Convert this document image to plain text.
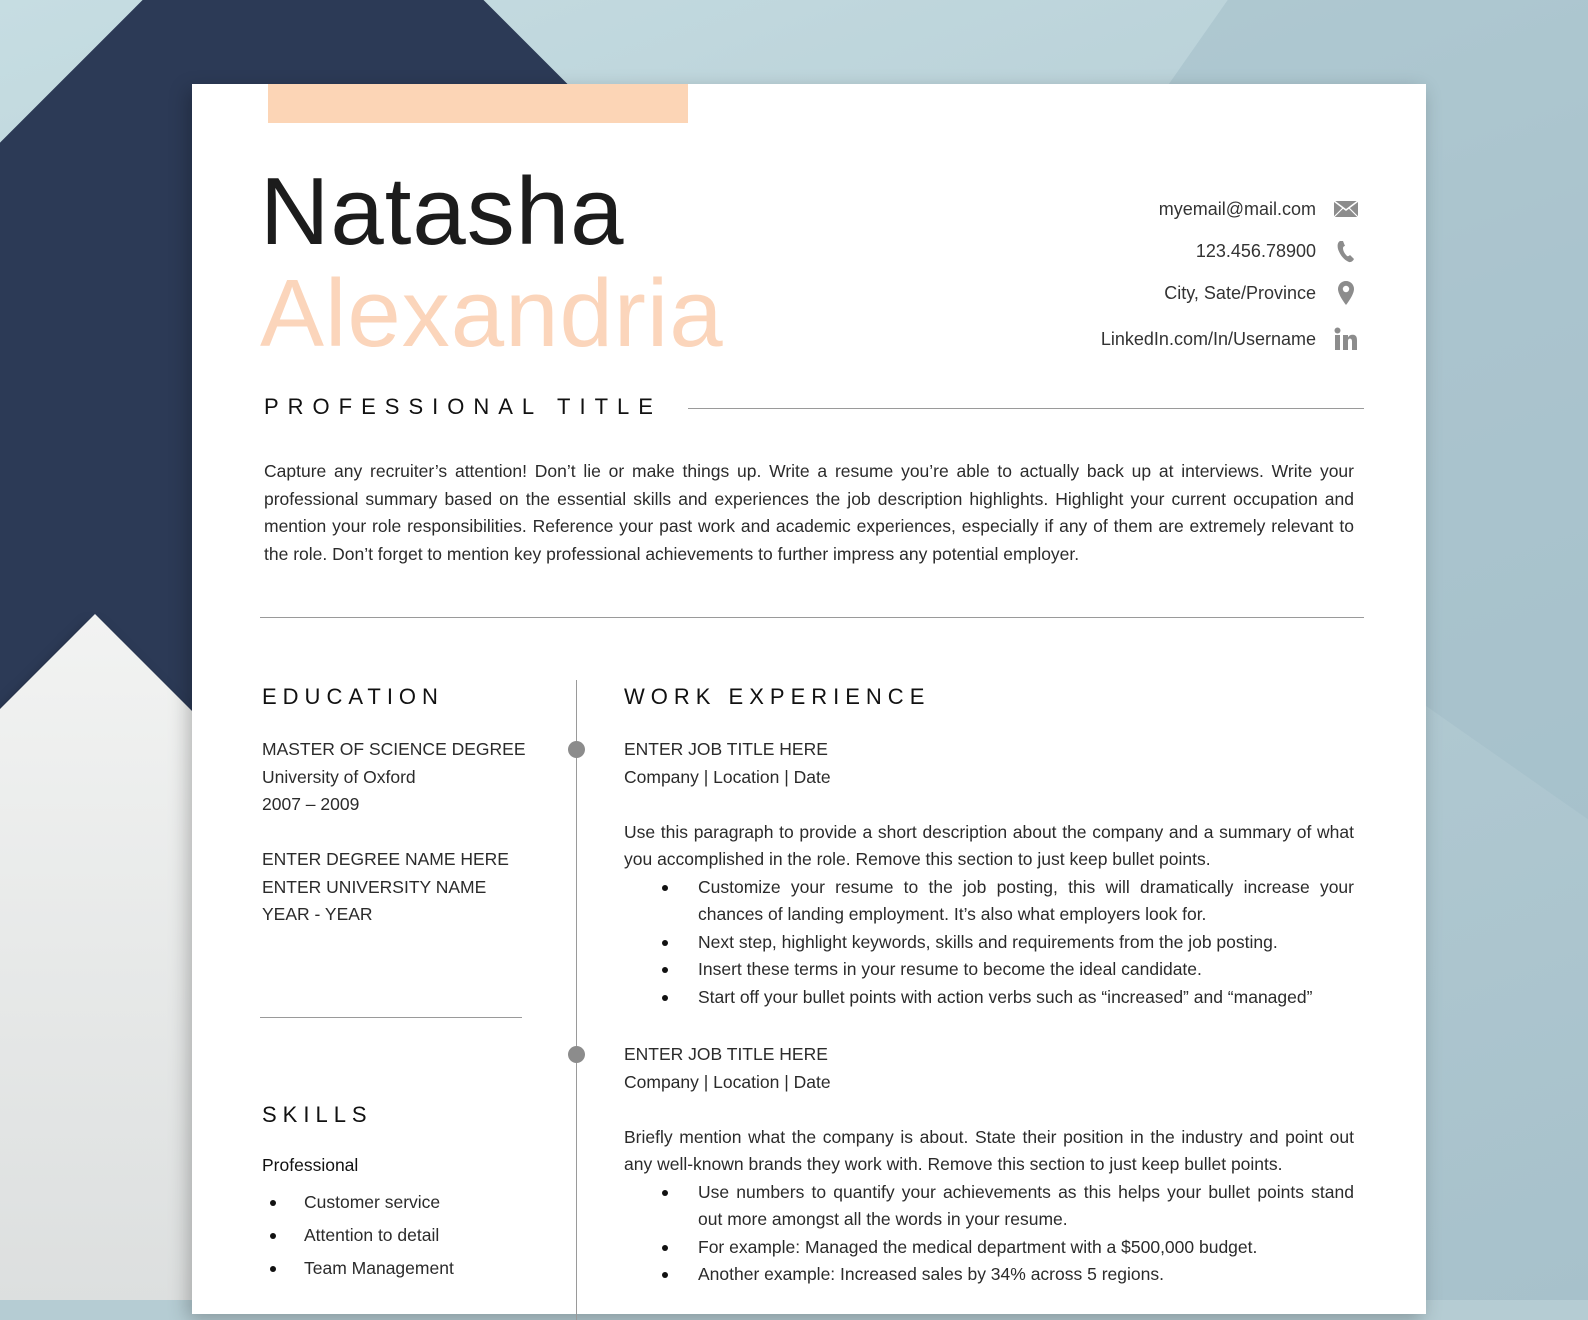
Natasha
Alexandria
myemail@mail.com
123.456.78900
City, Sate/Province
LinkedIn.com/In/Username
PROFESSIONAL TITLE
Capture any recruiter’s attention! Don’t lie or make things up. Write a resume you’re able to actually back up at interviews. Write your professional summary based on the essential skills and experiences the job description highlights. Highlight your current occupation and mention your role responsibilities. Reference your past work and academic experiences, especially if any of them are extremely relevant to the role. Don’t forget to mention key professional achievements to further impress any potential employer.
EDUCATION
MASTER OF SCIENCE DEGREE
University of Oxford
2007 – 2009
ENTER DEGREE NAME HERE
ENTER UNIVERSITY NAME
YEAR - YEAR
SKILLS
Professional
Customer service
Attention to detail
Team Management
WORK EXPERIENCE
ENTER JOB TITLE HERE
Company | Location | Date
Use this paragraph to provide a short description about the company and a summary of what you accomplished in the role. Remove this section to just keep bullet points.
Customize your resume to the job posting, this will dramatically increase your chances of landing employment. It’s also what employers look for.
Next step, highlight keywords, skills and requirements from the job posting.
Insert these terms in your resume to become the ideal candidate.
Start off your bullet points with action verbs such as “increased” and “managed”
ENTER JOB TITLE HERE
Company | Location | Date
Briefly mention what the company is about. State their position in the industry and point out any well-known brands they work with. Remove this section to just keep bullet points.
Use numbers to quantify your achievements as this helps your bullet points stand out more amongst all the words in your resume.
For example: Managed the medical department with a $500,000 budget.
Another example: Increased sales by 34% across 5 regions.
